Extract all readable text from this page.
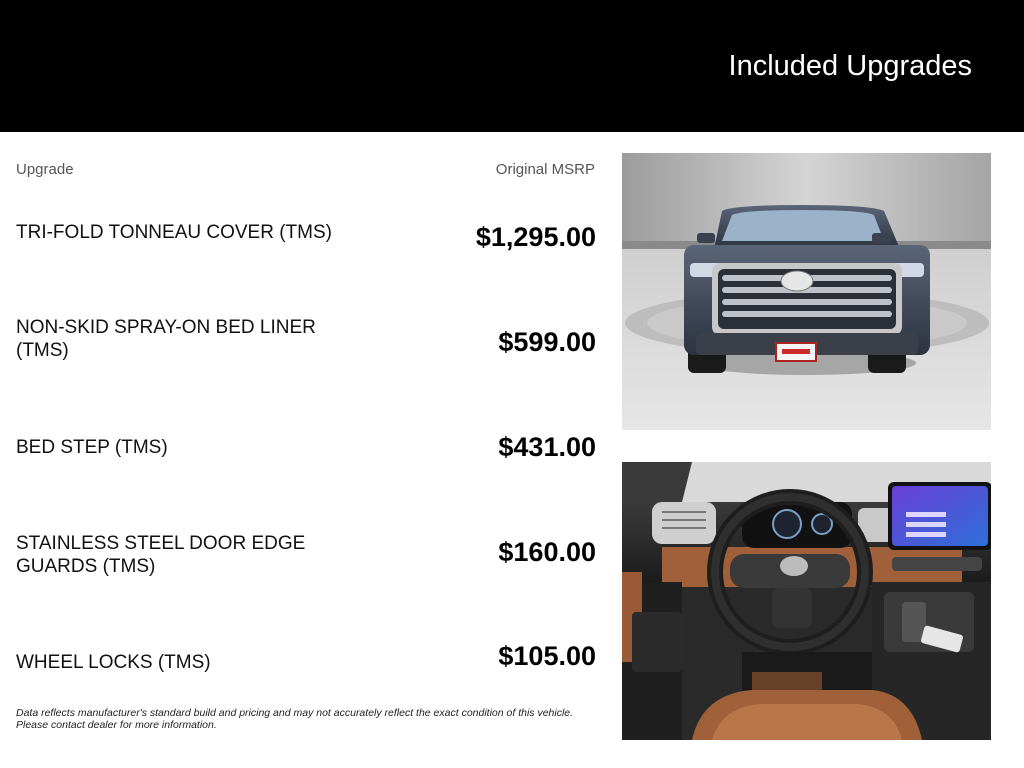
Included Upgrades
Upgrade	Original MSRP
TRI-FOLD TONNEAU COVER (TMS)	$1,295.00
NON-SKID SPRAY-ON BED LINER (TMS)	$599.00
BED STEP (TMS)	$431.00
STAINLESS STEEL DOOR EDGE GUARDS (TMS)	$160.00
WHEEL LOCKS (TMS)	$105.00
Data reflects manufacturer's standard build and pricing and may not accurately reflect the exact condition of this vehicle. Please contact dealer for more information.
